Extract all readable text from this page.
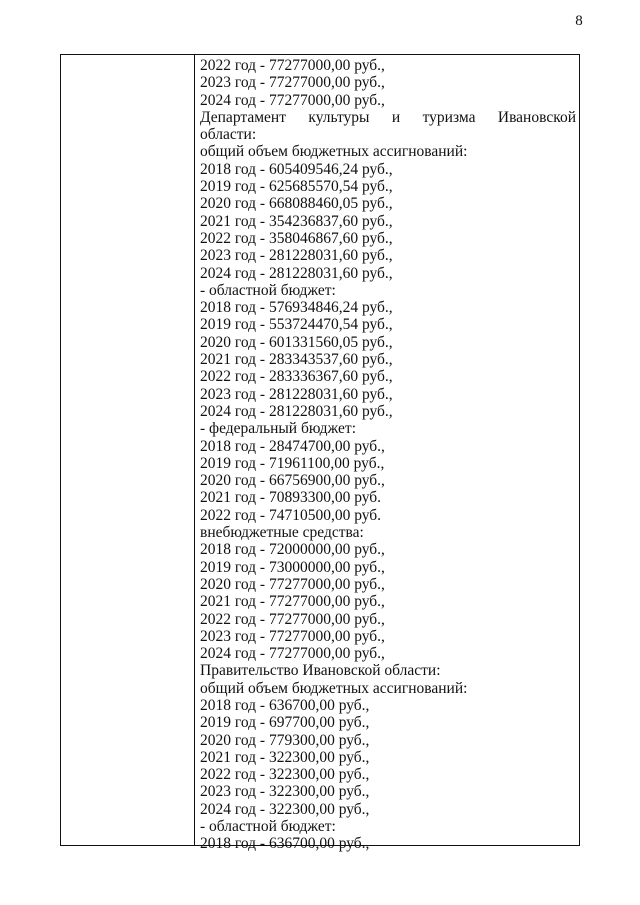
8
2022 год - 77277000,00 руб.,
2023 год - 77277000,00 руб.,
2024 год - 77277000,00 руб.,
Департамент культуры и туризма Ивановской
области:
общий объем бюджетных ассигнований:
2018 год - 605409546,24 руб.,
2019 год - 625685570,54 руб.,
2020 год - 668088460,05 руб.,
2021 год - 354236837,60 руб.,
2022 год - 358046867,60 руб.,
2023 год - 281228031,60 руб.,
2024 год - 281228031,60 руб.,
- областной бюджет:
2018 год - 576934846,24 руб.,
2019 год - 553724470,54 руб.,
2020 год - 601331560,05 руб.,
2021 год - 283343537,60 руб.,
2022 год - 283336367,60 руб.,
2023 год - 281228031,60 руб.,
2024 год - 281228031,60 руб.,
- федеральный бюджет:
2018 год - 28474700,00 руб.,
2019 год - 71961100,00 руб.,
2020 год - 66756900,00 руб.,
2021 год - 70893300,00 руб.
2022 год - 74710500,00 руб.
внебюджетные средства:
2018 год - 72000000,00 руб.,
2019 год - 73000000,00 руб.,
2020 год - 77277000,00 руб.,
2021 год - 77277000,00 руб.,
2022 год - 77277000,00 руб.,
2023 год - 77277000,00 руб.,
2024 год - 77277000,00 руб.,
Правительство Ивановской области:
общий объем бюджетных ассигнований:
2018 год - 636700,00 руб.,
2019 год - 697700,00 руб.,
2020 год - 779300,00 руб.,
2021 год - 322300,00 руб.,
2022 год - 322300,00 руб.,
2023 год - 322300,00 руб.,
2024 год - 322300,00 руб.,
- областной бюджет:
2018 год - 636700,00 руб.,
